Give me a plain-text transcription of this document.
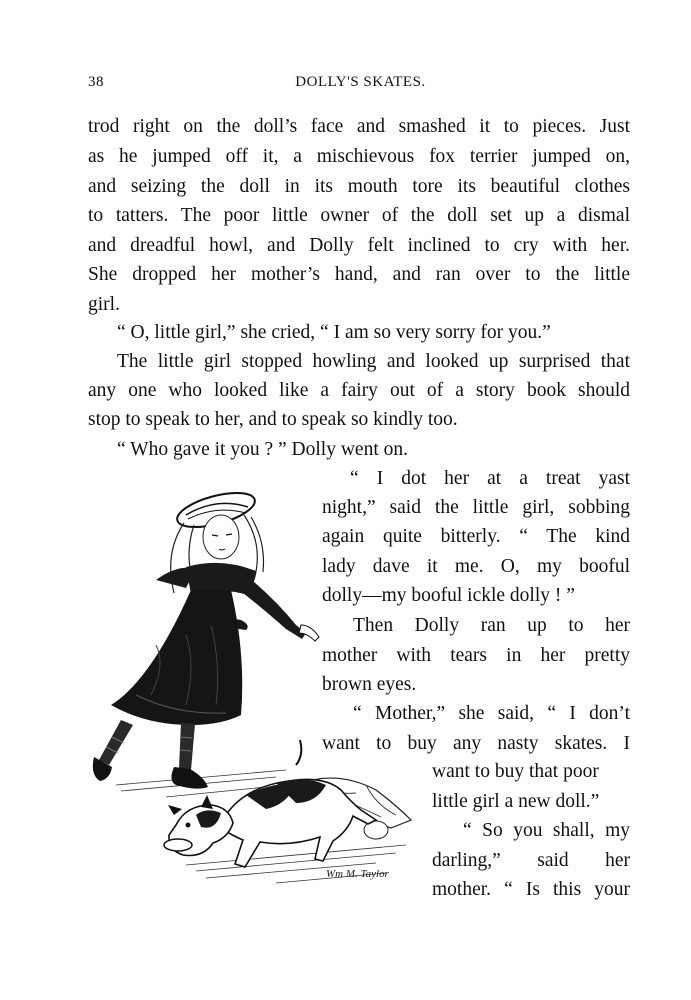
38	DOLLY'S SKATES.
trod right on the doll’s face and smashed it to pieces. Just
as he jumped off it, a mischievous fox terrier jumped on,
and seizing the doll in its mouth tore its beautiful clothes
to tatters. The poor little owner of the doll set up a dismal
and dreadful howl, and Dolly felt inclined to cry with her.
She dropped her mother’s hand, and ran over to the little
girl.
“ O, little girl,” she cried, “ I am so very sorry for you.”
The little girl stopped howling and looked up surprised that
any one who looked like a fairy out of a story book should
stop to speak to her, and to speak so kindly too.
“ Who gave it you ? ” Dolly went on.
“ I dot her at a treat yast
night,” said the little girl, sobbing
again quite bitterly. “ The kind
lady dave it me. O, my booful
dolly—my booful ickle dolly ! ”
Then Dolly ran up to her
mother with tears in her pretty
brown eyes.
“ Mother,” she said, “ I don’t
want to buy any nasty skates. I
want to buy that poor
little girl a new doll.”
“ So you shall, my
darling,” said her
mother. “ Is this your
Wm M. Taylor
